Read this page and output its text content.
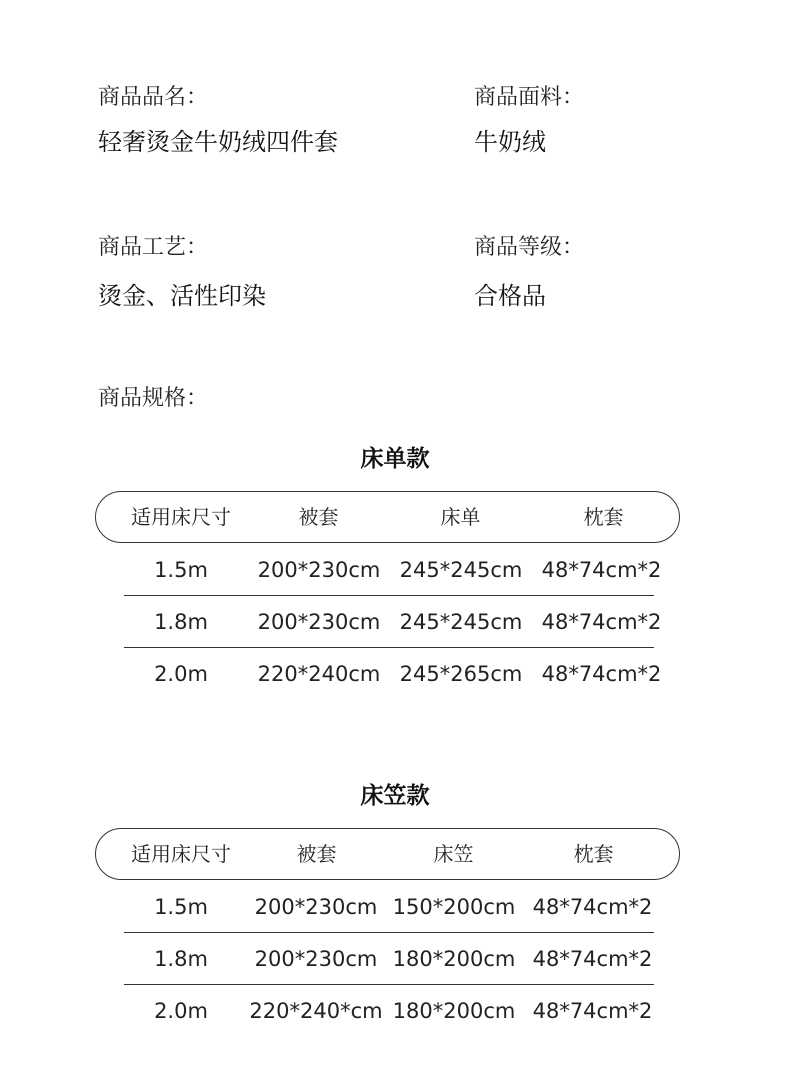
商品品名：
轻奢烫金牛奶绒四件套
商品面料：
牛奶绒
商品工艺：
烫金、活性印染
商品等级：
合格品
商品规格：
床单款
适用床尺寸	被套	床单	枕套
1.5m	200*230cm 245*245cm 48*74cm*2
1.8m	200*230cm 245*245cm 48*74cm*2
2.0m	220*240cm 245*265cm 48*74cm*2
床笠款
适用床尺寸	被套	床笠	枕套
1.5m	200*230cm 150*200cm 48*74cm*2
1.8m	200*230cm 180*200cm 48*74cm*2
2.0m	220*240*cm 180*200cm 48*74cm*2
